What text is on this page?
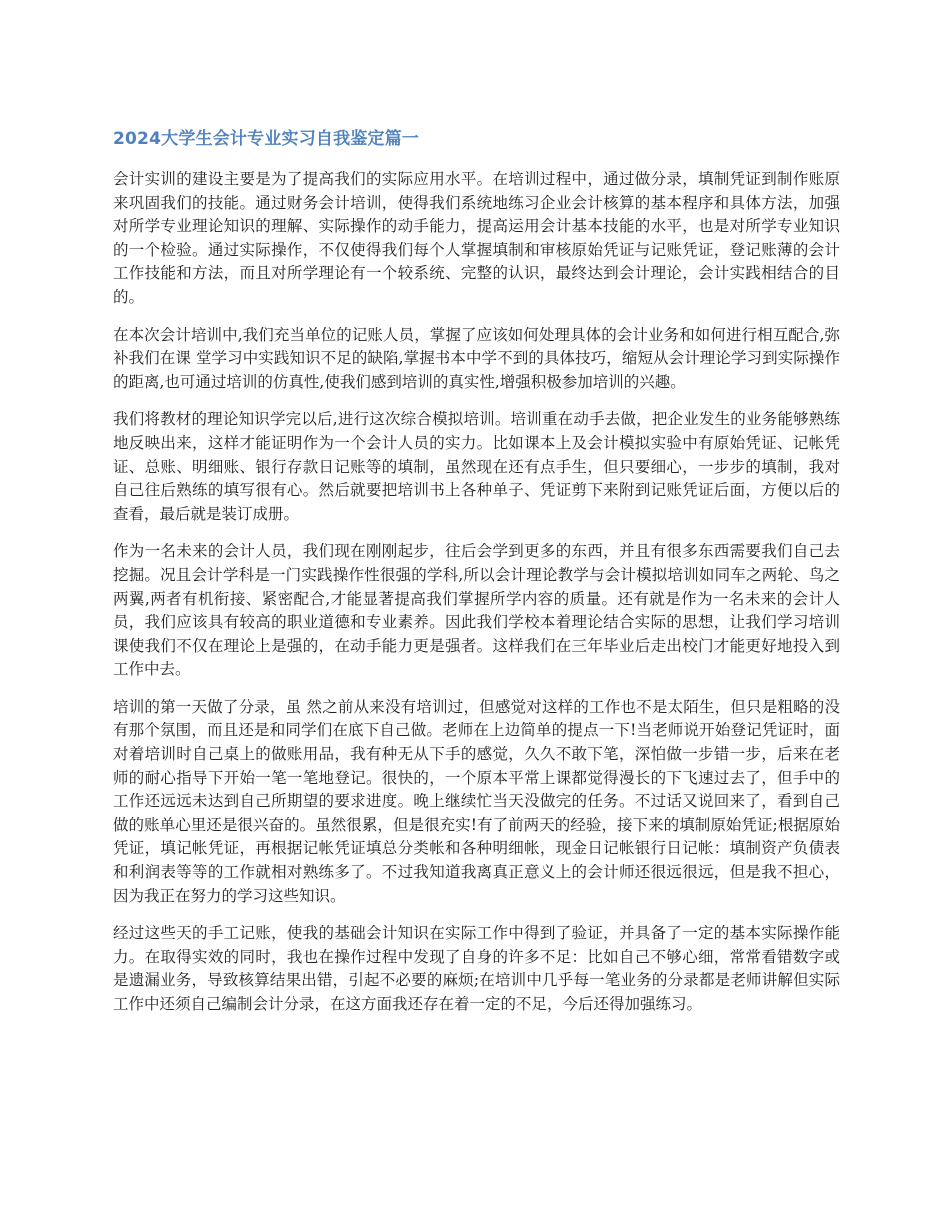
2024大学生会计专业实习自我鉴定篇一

会计实训的建设主要是为了提高我们的实际应用水平。在培训过程中，通过做分录，填制凭证到制作账原来巩固我们的技能。通过财务会计培训，使得我们系统地练习企业会计核算的基本程序和具体方法，加强对所学专业理论知识的理解、实际操作的动手能力，提高运用会计基本技能的水平，也是对所学专业知识的一个检验。通过实际操作，不仅使得我们每个人掌握填制和审核原始凭证与记账凭证，登记账薄的会计工作技能和方法，而且对所学理论有一个较系统、完整的认识，最终达到会计理论，会计实践相结合的目的。

在本次会计培训中,我们充当单位的记账人员，掌握了应该如何处理具体的会计业务和如何进行相互配合,弥补我们在课 堂学习中实践知识不足的缺陷,掌握书本中学不到的具体技巧，缩短从会计理论学习到实际操作的距离,也可通过培训的仿真性,使我们感到培训的真实性,增强积极参加培训的兴趣。

我们将教材的理论知识学完以后,进行这次综合模拟培训。培训重在动手去做，把企业发生的业务能够熟练地反映出来，这样才能证明作为一个会计人员的实力。比如课本上及会计模拟实验中有原始凭证、记帐凭证、总账、明细账、银行存款日记账等的填制，虽然现在还有点手生，但只要细心，一步步的填制，我对自己往后熟练的填写很有心。然后就要把培训书上各种单子、凭证剪下来附到记账凭证后面，方便以后的查看，最后就是装订成册。

作为一名未来的会计人员，我们现在刚刚起步，往后会学到更多的东西，并且有很多东西需要我们自己去挖掘。况且会计学科是一门实践操作性很强的学科,所以会计理论教学与会计模拟培训如同车之两轮、鸟之两翼,两者有机衔接、紧密配合,才能显著提高我们掌握所学内容的质量。还有就是作为一名未来的会计人员，我们应该具有较高的职业道德和专业素养。因此我们学校本着理论结合实际的思想，让我们学习培训课使我们不仅在理论上是强的，在动手能力更是强者。这样我们在三年毕业后走出校门才能更好地投入到工作中去。

培训的第一天做了分录，虽 然之前从来没有培训过，但感觉对这样的工作也不是太陌生，但只是粗略的没有那个氛围，而且还是和同学们在底下自己做。老师在上边简单的提点一下!当老师说开始登记凭证时，面对着培训时自己桌上的做账用品，我有种无从下手的感觉，久久不敢下笔，深怕做一步错一步，后来在老师的耐心指导下开始一笔一笔地登记。很快的，一个原本平常上课都觉得漫长的下飞速过去了，但手中的工作还远远未达到自己所期望的要求进度。晚上继续忙当天没做完的任务。不过话又说回来了，看到自己做的账单心里还是很兴奋的。虽然很累，但是很充实!有了前两天的经验，接下来的填制原始凭证;根据原始凭证，填记帐凭证，再根据记帐凭证填总分类帐和各种明细帐，现金日记帐银行日记帐：填制资产负债表和利润表等等的工作就相对熟练多了。不过我知道我离真正意义上的会计师还很远很远，但是我不担心，因为我正在努力的学习这些知识。

经过这些天的手工记账，使我的基础会计知识在实际工作中得到了验证，并具备了一定的基本实际操作能力。在取得实效的同时，我也在操作过程中发现了自身的许多不足：比如自己不够心细，常常看错数字或是遗漏业务，导致核算结果出错，引起不必要的麻烦;在培训中几乎每一笔业务的分录都是老师讲解但实际工作中还须自己编制会计分录，在这方面我还存在着一定的不足，今后还得加强练习。
